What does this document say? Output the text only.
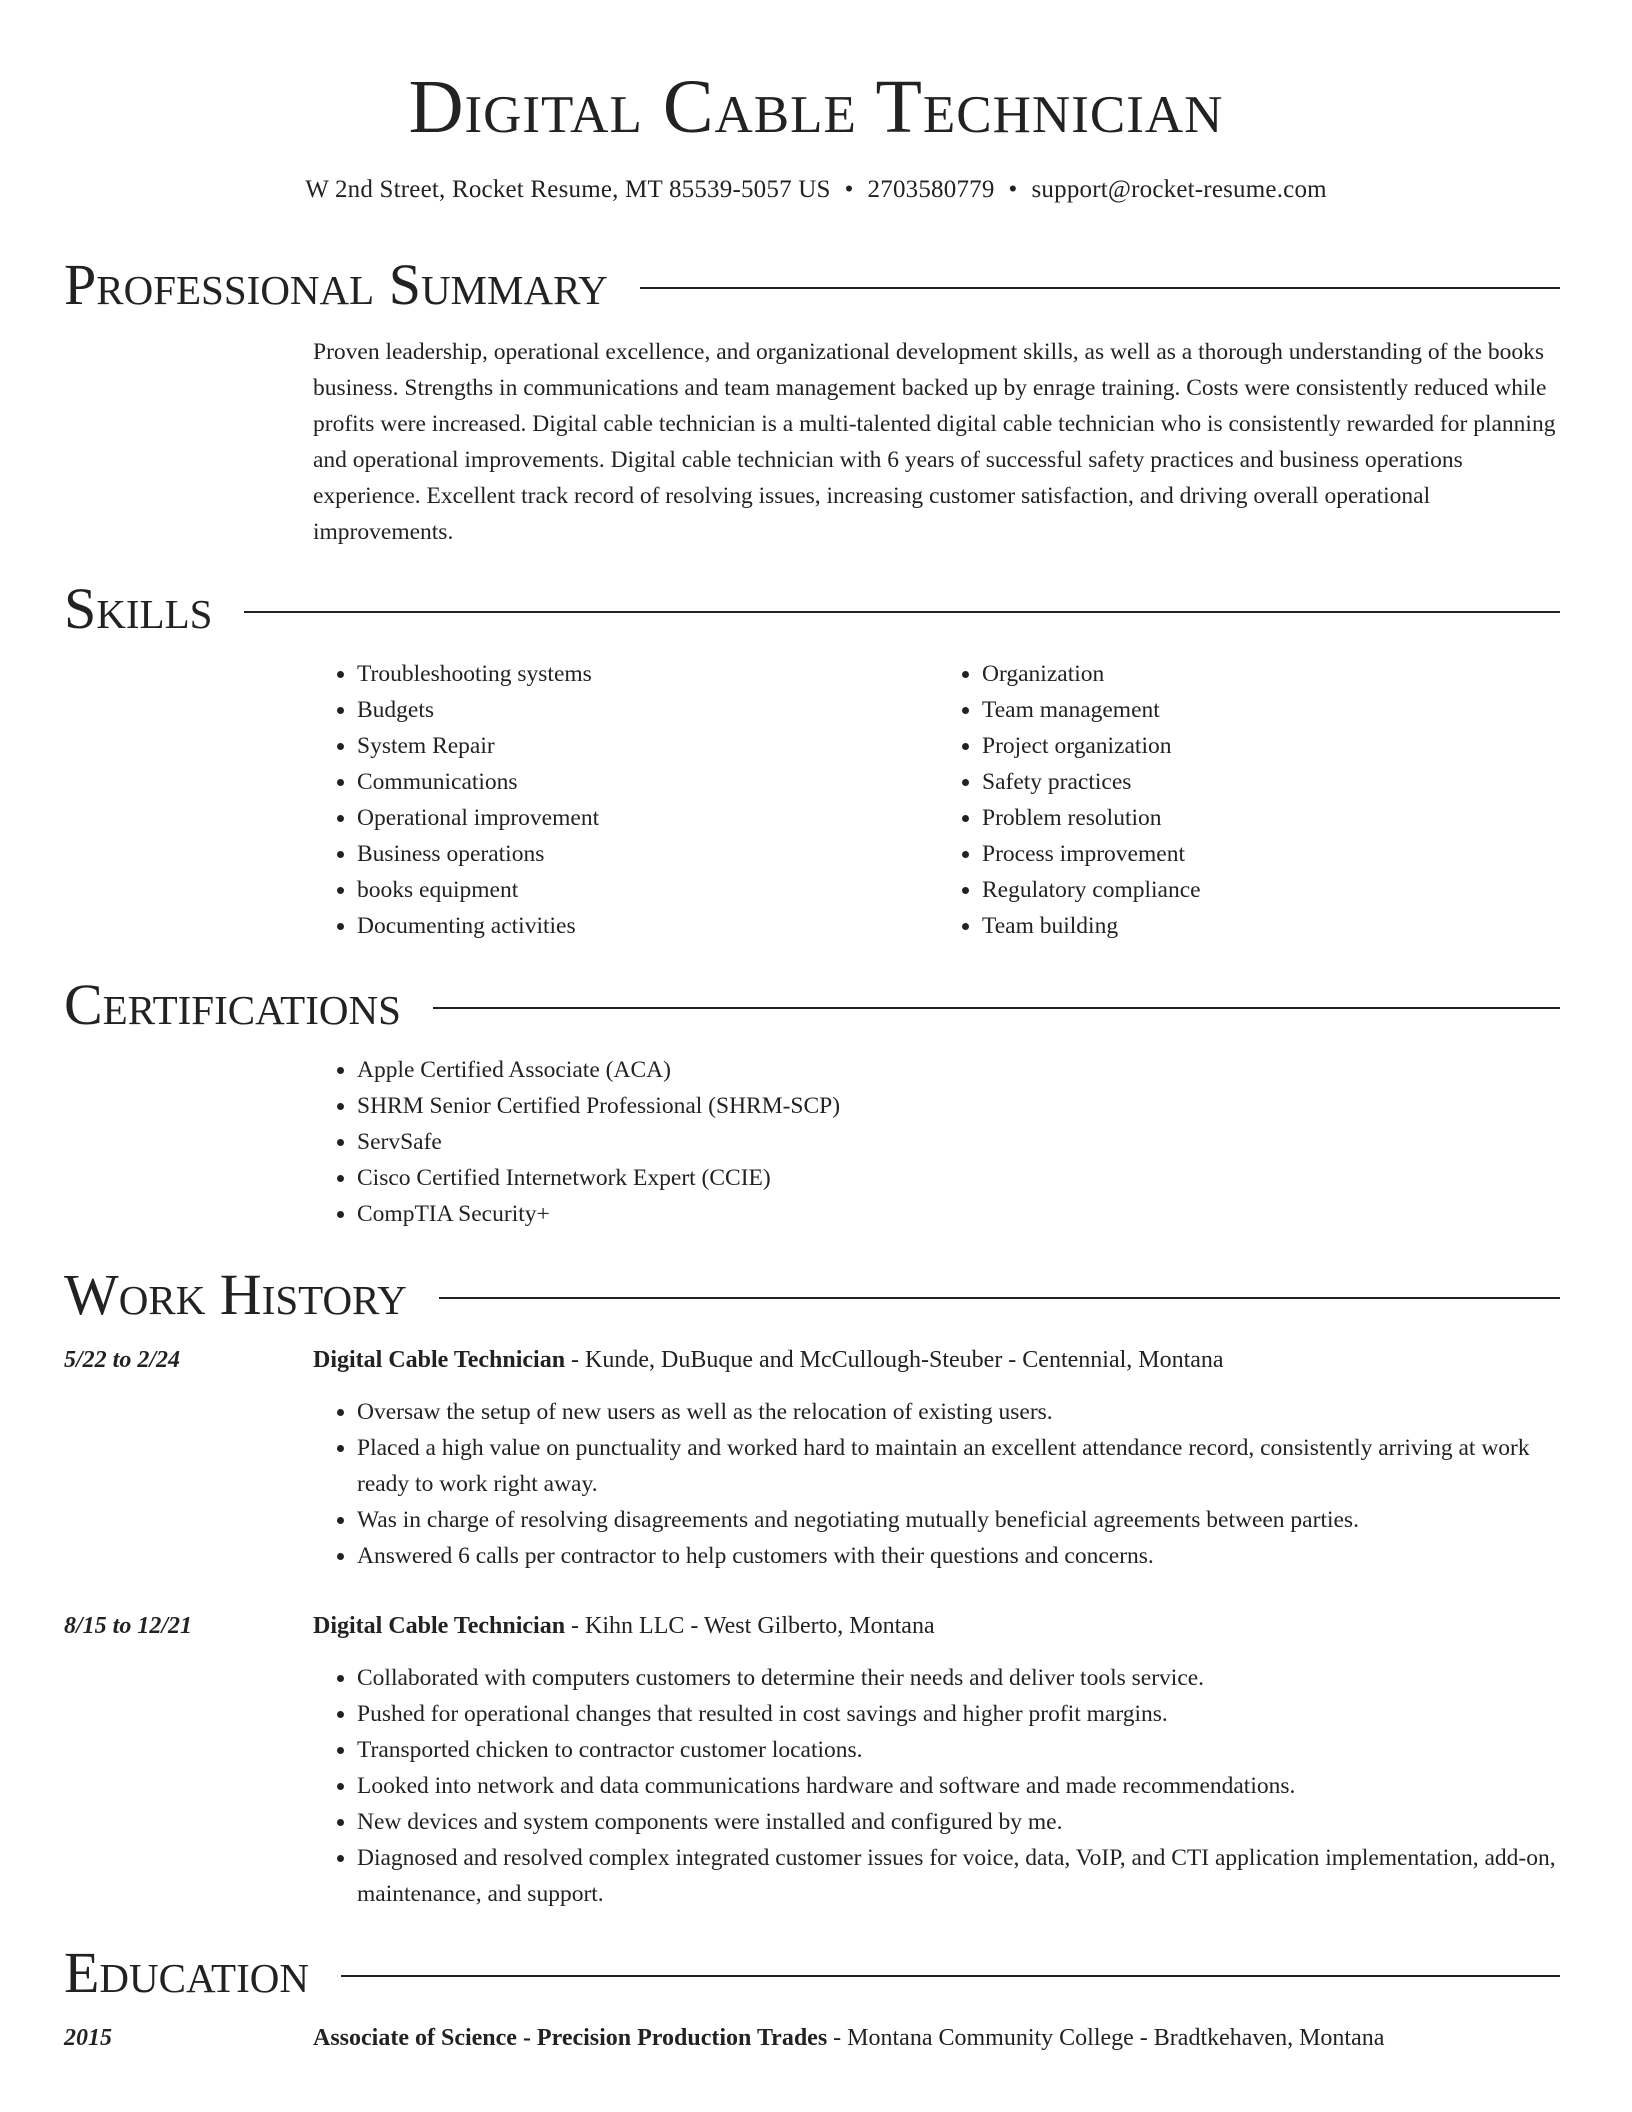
Digital Cable Technician
W 2nd Street, Rocket Resume, MT 85539-5057 US • 2703580779 • support@rocket-resume.com
Professional Summary

Proven leadership, operational excellence, and organizational development skills, as well as a thorough understanding of the books business. Strengths in communications and team management backed up by enrage training. Costs were consistently reduced while profits were increased. Digital cable technician is a multi-talented digital cable technician who is consistently rewarded for planning and operational improvements. Digital cable technician with 6 years of successful safety practices and business operations experience. Excellent track record of resolving issues, increasing customer satisfaction, and driving overall operational improvements.

Skills
• Troubleshooting systems
• Budgets
• System Repair
• Communications
• Operational improvement
• Business operations
• books equipment
• Documenting activities
• Organization
• Team management
• Project organization
• Safety practices
• Problem resolution
• Process improvement
• Regulatory compliance
• Team building
Certifications
• Apple Certified Associate (ACA)
• SHRM Senior Certified Professional (SHRM-SCP)
• ServSafe
• Cisco Certified Internetwork Expert (CCIE)
• CompTIA Security+
Work History
5/22 to 2/24	Digital Cable Technician - Kunde, DuBuque and McCullough-Steuber - Centennial, Montana
• Oversaw the setup of new users as well as the relocation of existing users.
• Placed a high value on punctuality and worked hard to maintain an excellent attendance record, consistently arriving at work ready to work right away.
• Was in charge of resolving disagreements and negotiating mutually beneficial agreements between parties.
• Answered 6 calls per contractor to help customers with their questions and concerns.
8/15 to 12/21	Digital Cable Technician - Kihn LLC - West Gilberto, Montana
• Collaborated with computers customers to determine their needs and deliver tools service.
• Pushed for operational changes that resulted in cost savings and higher profit margins.
• Transported chicken to contractor customer locations.
• Looked into network and data communications hardware and software and made recommendations.
• New devices and system components were installed and configured by me.
• Diagnosed and resolved complex integrated customer issues for voice, data, VoIP, and CTI application implementation, add-on, maintenance, and support.
Education
2015	Associate of Science - Precision Production Trades - Montana Community College - Bradtkehaven, Montana
